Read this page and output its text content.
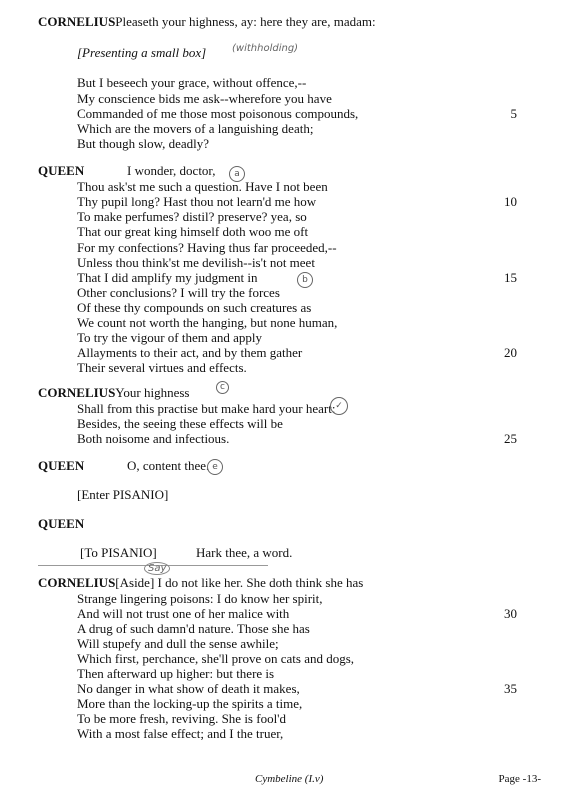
CORNELIUSPleaseth your highness, ay: here they are, madam:
[Presenting a small box]	(withholding)
But I beseech your grace, without offence,--
My conscience bids me ask--wherefore you have
Commanded of me those most poisonous compounds,	5
Which are the movers of a languishing death;
But though slow, deadly?
QUEEN	I wonder, doctor,	a
Thou ask'st me such a question. Have I not been
Thy pupil long? Hast thou not learn'd me how	10
To make perfumes? distil? preserve? yea, so
That our great king himself doth woo me oft
For my confections? Having thus far proceeded,--
Unless thou think'st me devilish--is't not meet
That I did amplify my judgment in	15
b
Other conclusions? I will try the forces
Of these thy compounds on such creatures as
We count not worth the hanging, but none human,
To try the vigour of them and apply
Allayments to their act, and by them gather	20
Their several virtues and effects.
CORNELIUSYour highness	c
Shall from this practise but make hard your heart: ✓
Besides, the seeing these effects will be
Both noisome and infectious.	25
QUEEN	O, content thee. e
[Enter PISANIO]
QUEEN
[To PISANIO]	Hark thee, a word.
Say
CORNELIUS[Aside] I do not like her. She doth think she has
Strange lingering poisons: I do know her spirit,
And will not trust one of her malice with	30
A drug of such damn'd nature. Those she has
Will stupefy and dull the sense awhile;
Which first, perchance, she'll prove on cats and dogs,
Then afterward up higher: but there is
No danger in what show of death it makes,	35
More than the locking-up the spirits a time,
To be more fresh, reviving. She is fool'd
With a most false effect; and I the truer,
Cymbeline (I.v)	Page -13-
